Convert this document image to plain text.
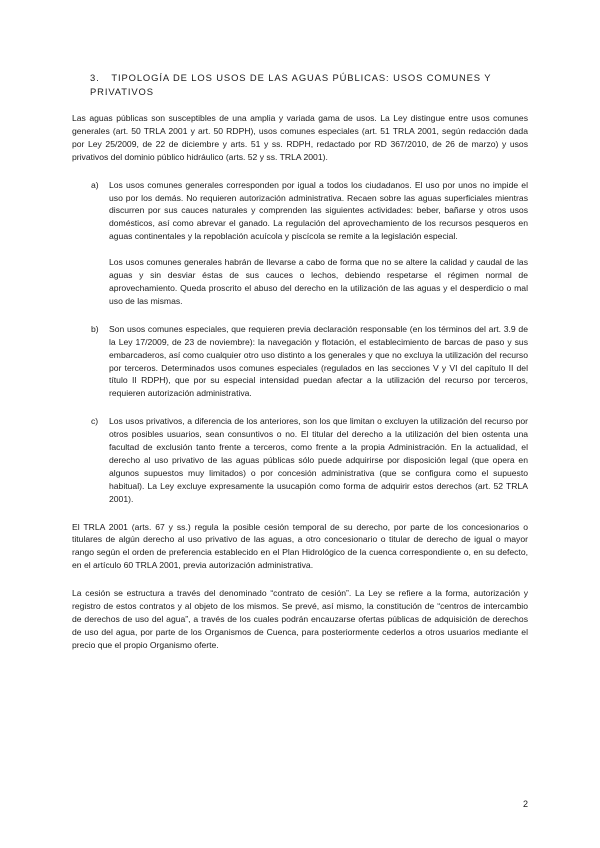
3. TIPOLOGÍA DE LOS USOS DE LAS AGUAS PÚBLICAS: USOS COMUNES Y PRIVATIVOS

Las aguas públicas son susceptibles de una amplia y variada gama de usos. La Ley distingue entre usos comunes generales (art. 50 TRLA 2001 y art. 50 RDPH), usos comunes especiales (art. 51 TRLA 2001, según redacción dada por Ley 25/2009, de 22 de diciembre y arts. 51 y ss. RDPH, redactado por RD 367/2010, de 26 de marzo) y usos privativos del dominio público hidráulico (arts. 52 y ss. TRLA 2001).

a) Los usos comunes generales corresponden por igual a todos los ciudadanos. El uso por unos no impide el uso por los demás. No requieren autorización administrativa. Recaen sobre las aguas superficiales mientras discurren por sus cauces naturales y comprenden las siguientes actividades: beber, bañarse y otros usos domésticos, así como abrevar el ganado. La regulación del aprovechamiento de los recursos pesqueros en aguas continentales y la repoblación acuícola y piscícola se remite a la legislación especial.

Los usos comunes generales habrán de llevarse a cabo de forma que no se altere la calidad y caudal de las aguas y sin desviar éstas de sus cauces o lechos, debiendo respetarse el régimen normal de aprovechamiento. Queda proscrito el abuso del derecho en la utilización de las aguas y el desperdicio o mal uso de las mismas.

b) Son usos comunes especiales, que requieren previa declaración responsable (en los términos del art. 3.9 de la Ley 17/2009, de 23 de noviembre): la navegación y flotación, el establecimiento de barcas de paso y sus embarcaderos, así como cualquier otro uso distinto a los generales y que no excluya la utilización del recurso por terceros. Determinados usos comunes especiales (regulados en las secciones V y VI del capítulo II del título II RDPH), que por su especial intensidad puedan afectar a la utilización del recurso por terceros, requieren autorización administrativa.

c) Los usos privativos, a diferencia de los anteriores, son los que limitan o excluyen la utilización del recurso por otros posibles usuarios, sean consuntivos o no. El titular del derecho a la utilización del bien ostenta una facultad de exclusión tanto frente a terceros, como frente a la propia Administración. En la actualidad, el derecho al uso privativo de las aguas públicas sólo puede adquirirse por disposición legal (que opera en algunos supuestos muy limitados) o por concesión administrativa (que se configura como el supuesto habitual). La Ley excluye expresamente la usucapión como forma de adquirir estos derechos (art. 52 TRLA 2001).

El TRLA 2001 (arts. 67 y ss.) regula la posible cesión temporal de su derecho, por parte de los concesionarios o titulares de algún derecho al uso privativo de las aguas, a otro concesionario o titular de derecho de igual o mayor rango según el orden de preferencia establecido en el Plan Hidrológico de la cuenca correspondiente o, en su defecto, en el artículo 60 TRLA 2001, previa autorización administrativa.

La cesión se estructura a través del denominado “contrato de cesión”. La Ley se refiere a la forma, autorización y registro de estos contratos y al objeto de los mismos. Se prevé, así mismo, la constitución de “centros de intercambio de derechos de uso del agua”, a través de los cuales podrán encauzarse ofertas públicas de adquisición de derechos de uso del agua, por parte de los Organismos de Cuenca, para posteriormente cederlos a otros usuarios mediante el precio que el propio Organismo oferte.

2
